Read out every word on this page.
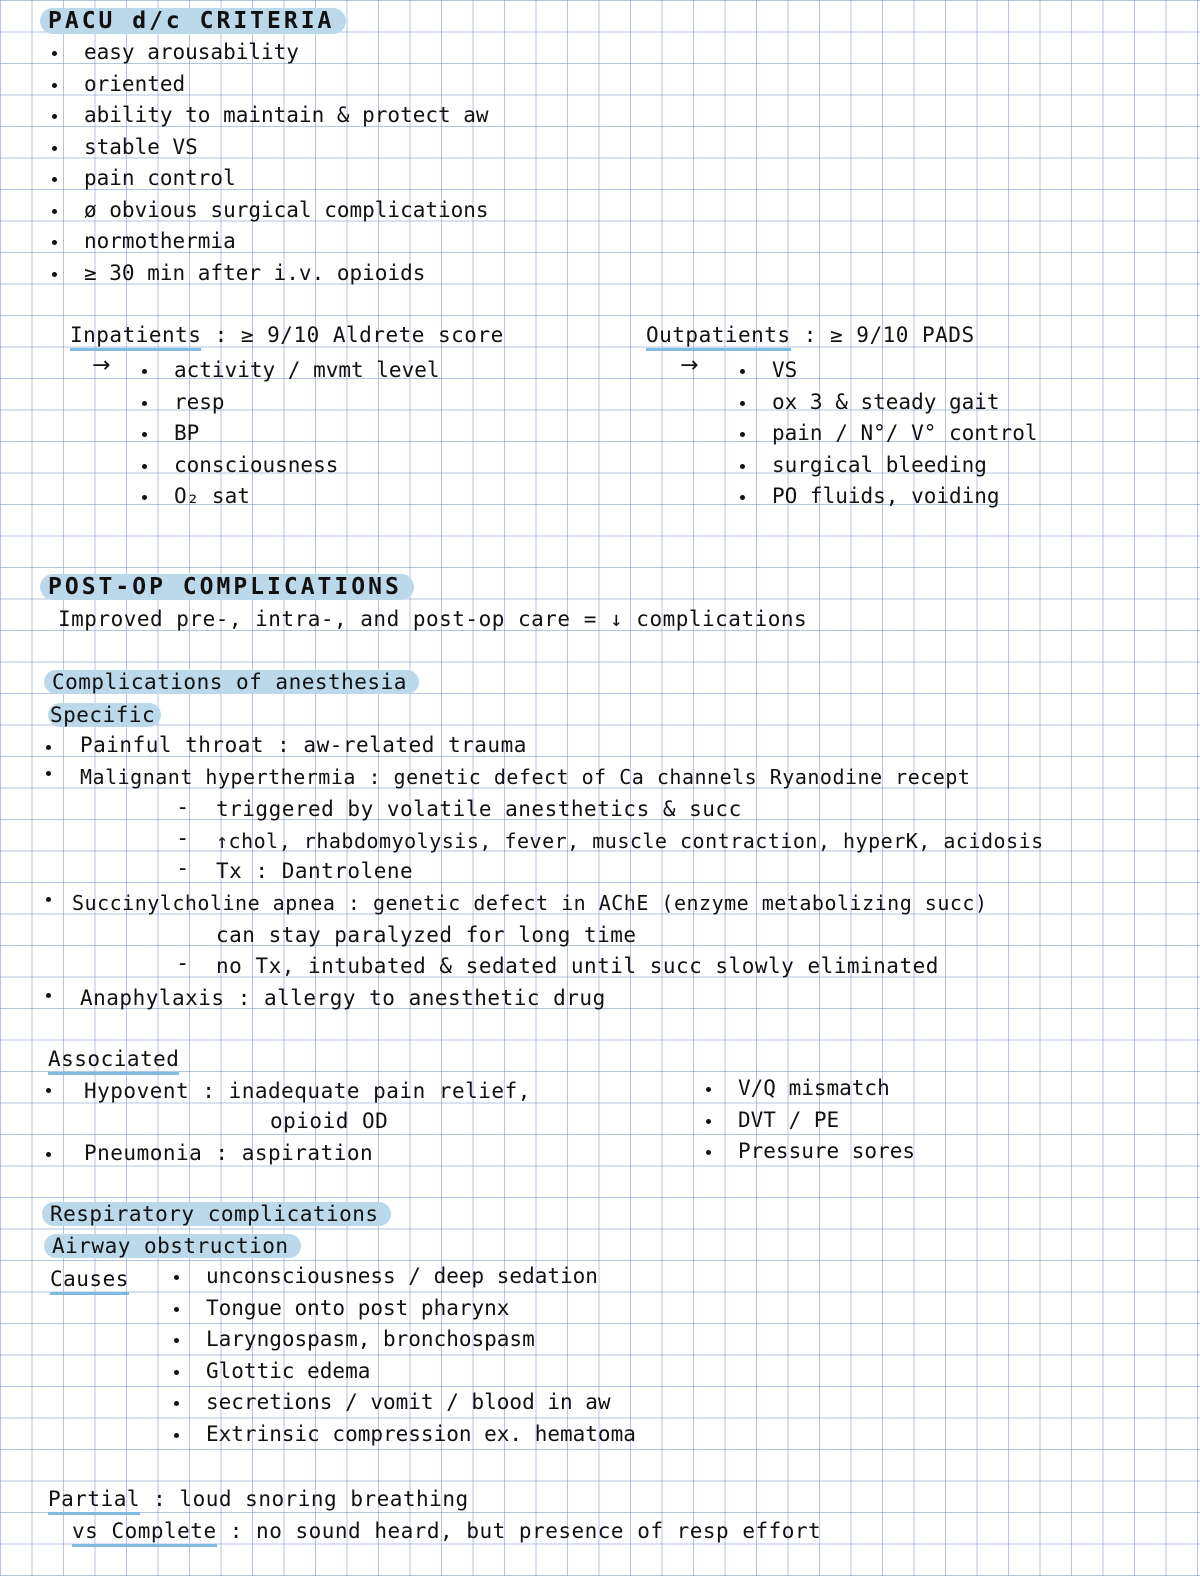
PACU d/c CRITERIA
easy arousability
oriented
ability to maintain & protect aw
stable VS
pain control
ø obvious surgical complications
normothermia
≥ 30 min after i.v. opioids
Inpatients : ≥ 9/10 Aldrete score
→	activity / mvmt level
resp
BP
consciousness
O₂ sat
Outpatients : ≥ 9/10 PADS
→	VS
ox 3 & steady gait
pain / N°/ V° control
surgical bleeding
PO fluids, voiding
POST-OP COMPLICATIONS
Improved pre-, intra-, and post-op care = ↓ complications
Complications of anesthesia
Specific
Painful throat : aw-related trauma
Malignant hyperthermia : genetic defect of Ca channels Ryanodine recept
- triggered by volatile anesthetics & succ
- ↑chol, rhabdomyolysis, fever, muscle contraction, hyperK, acidosis
- Tx : Dantrolene
Succinylcholine apnea : genetic defect in AChE (enzyme metabolizing succ)
can stay paralyzed for long time
- no Tx, intubated & sedated until succ slowly eliminated
Anaphylaxis : allergy to anesthetic drug
Associated
Hypovent : inadequate pain relief,
opioid OD
Pneumonia : aspiration
V/Q mismatch
DVT / PE
Pressure sores
Respiratory complications
Airway obstruction
Causes	unconsciousness / deep sedation
Tongue onto post pharynx
Laryngospasm, bronchospasm
Glottic edema
secretions / vomit / blood in aw
Extrinsic compression ex. hematoma
Partial : loud snoring breathing
vs Complete : no sound heard, but presence of resp effort
